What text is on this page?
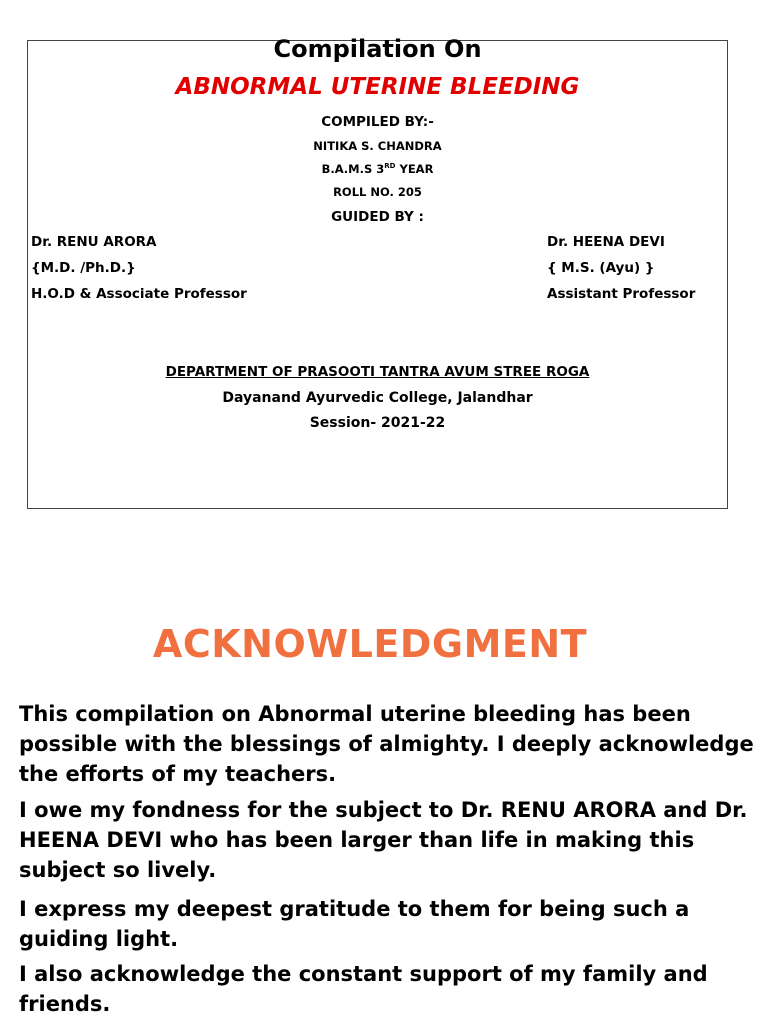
Compilation On
ABNORMAL UTERINE BLEEDING
COMPILED BY:-
NITIKA S. CHANDRA
B.A.M.S 3RD YEAR
ROLL NO. 205
GUIDED BY :
Dr. RENU ARORA
{M.D. /Ph.D.}
H.O.D & Associate Professor
Dr. HEENA DEVI
{ M.S. (Ayu) }
Assistant Professor
DEPARTMENT OF PRASOOTI TANTRA AVUM STREE ROGA
Dayanand Ayurvedic College, Jalandhar
Session- 2021-22
ACKNOWLEDGMENT

This compilation on Abnormal uterine bleeding has been possible with the blessings of almighty. I deeply acknowledge the efforts of my teachers.

I owe my fondness for the subject to Dr. RENU ARORA and Dr. HEENA DEVI who has been larger than life in making this subject so lively.

I express my deepest gratitude to them for being such a guiding light.

I also acknowledge the constant support of my family and friends.
